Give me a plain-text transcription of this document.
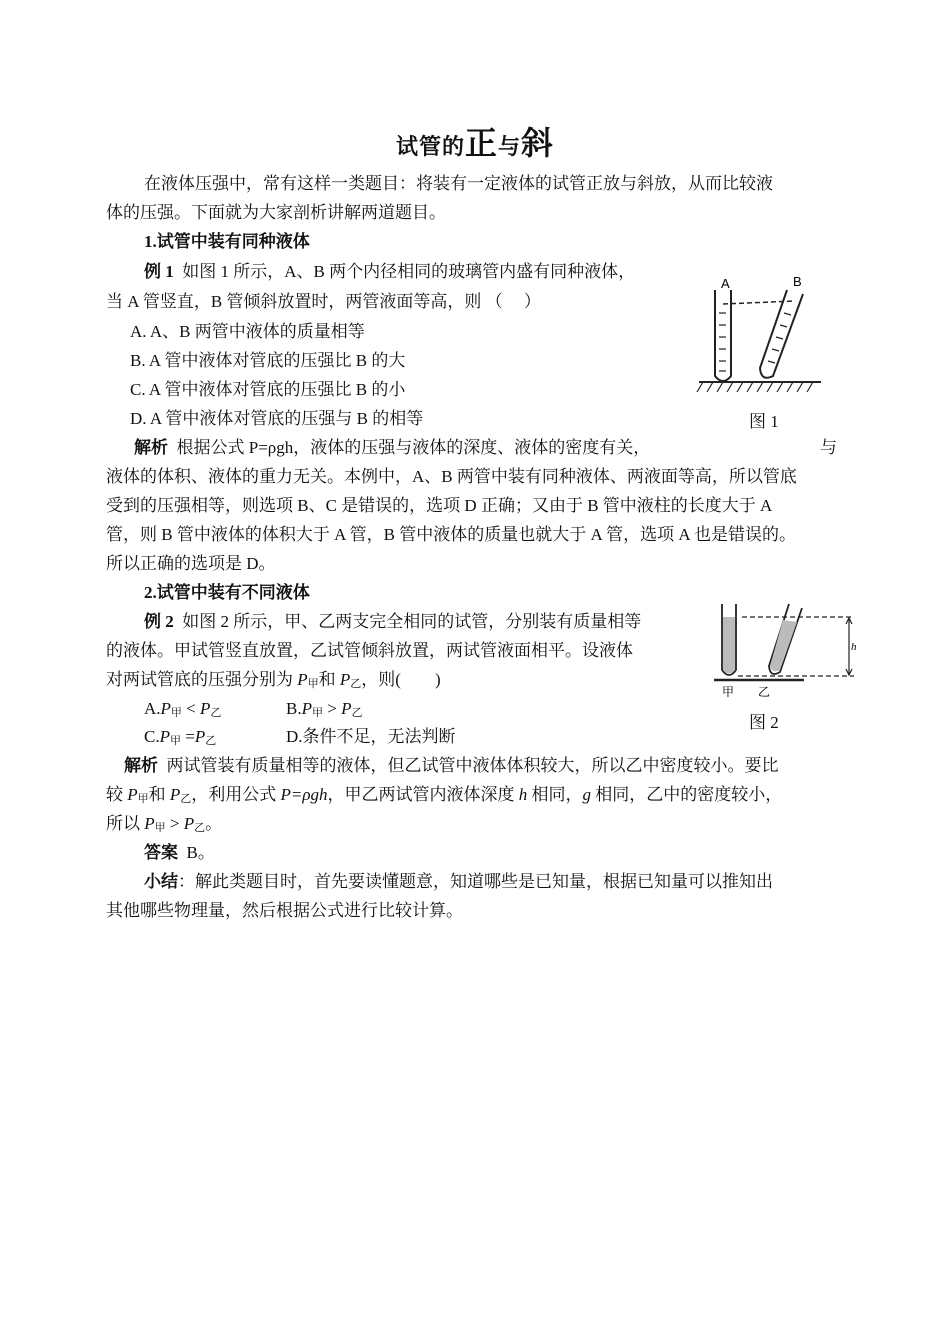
试管的正与斜
在液体压强中，常有这样一类题目：将装有一定液体的试管正放与斜放，从而比较液
体的压强。下面就为大家剖析讲解两道题目。
1.试管中装有同种液体
例 1 如图 1 所示，A、B 两个内径相同的玻璃管内盛有同种液体，
当 A 管竖直，B 管倾斜放置时，两管液面等高，则 （　 ）
A. A、B 两管中液体的质量相等
B. A 管中液体对管底的压强比 B 的大
C. A 管中液体对管底的压强比 B 的小
D. A 管中液体对管底的压强与 B 的相等
A	B
图 1
解析 根据公式 P=ρgh，液体的压强与液体的深度、液体的密度有关，	与
液体的体积、液体的重力无关。本例中，A、B 两管中装有同种液体、两液面等高，所以管底
受到的压强相等，则选项 B、C 是错误的，选项 D 正确；又由于 B 管中液柱的长度大于 A
管，则 B 管中液体的体积大于 A 管，B 管中液体的质量也就大于 A 管，选项 A 也是错误的。
所以正确的选项是 D。
2.试管中装有不同液体
例 2 如图 2 所示，甲、乙两支完全相同的试管，分别装有质量相等
的液体。甲试管竖直放置，乙试管倾斜放置，两试管液面相平。设液体
对两试管底的压强分别为 $P_甲$和 $P_乙$，则(　　)
$A.P_甲 < P_乙$	$B.P_甲 > P_乙$
$C.P_甲 =P_乙$	D.条件不足，无法判断
h
甲 乙
图 2
解析 两试管装有质量相等的液体，但乙试管中液体体积较大，所以乙中密度较小。要比
较 $P_甲$和 $P_乙$，利用公式 P=ρgh，甲乙两试管内液体深度 h 相同，g 相同，乙中的密度较小，
所以 $P_甲 > P_乙$。
答案 B。
小结：解此类题目时，首先要读懂题意，知道哪些是已知量，根据已知量可以推知出
其他哪些物理量，然后根据公式进行比较计算。
